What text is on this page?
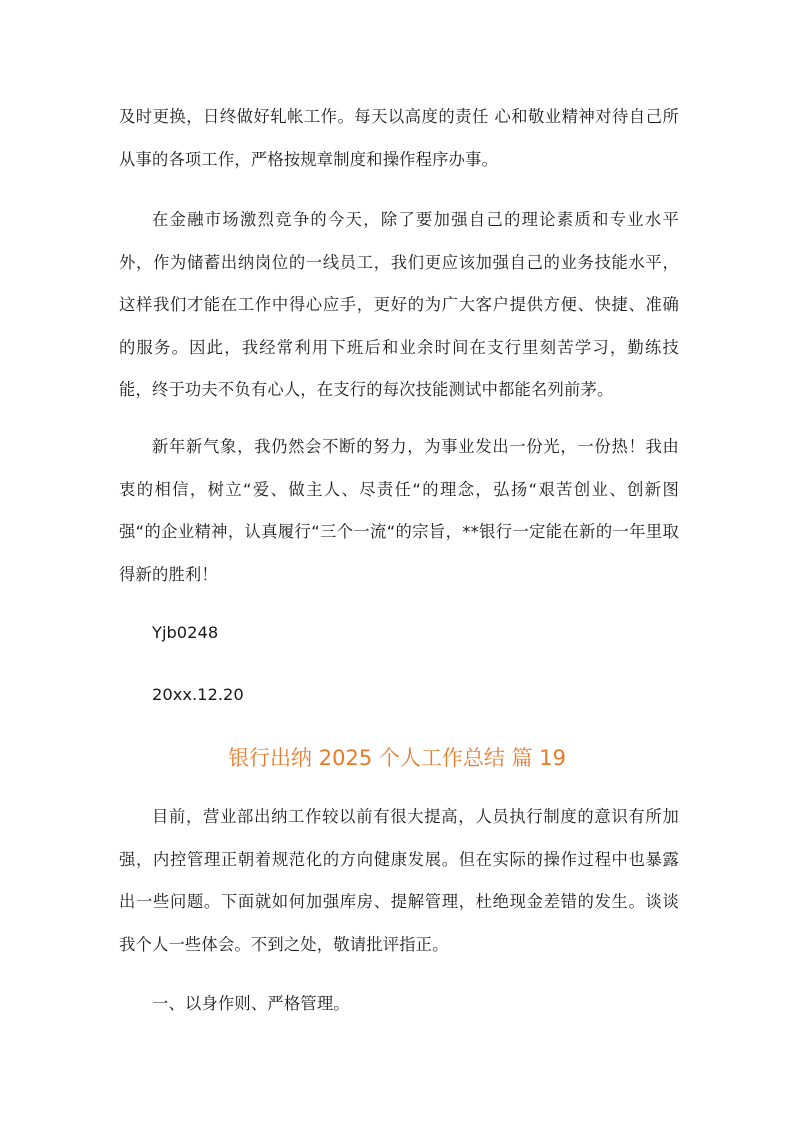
及时更换，日终做好轧帐工作。每天以高度的责任 心和敬业精神对待自己所从事的各项工作，严格按规章制度和操作程序办事。

在金融市场激烈竞争的今天，除了要加强自己的理论素质和专业水平外，作为储蓄出纳岗位的一线员工，我们更应该加强自己的业务技能水平，这样我们才能在工作中得心应手，更好的为广大客户提供方便、快捷、准确的服务。因此，我经常利用下班后和业余时间在支行里刻苦学习，勤练技能，终于功夫不负有心人，在支行的每次技能测试中都能名列前茅。

新年新气象，我仍然会不断的努力，为事业发出一份光，一份热！我由衷的相信，树立“爱、做主人、尽责任“的理念，弘扬“艰苦创业、创新图强“的企业精神，认真履行“三个一流“的宗旨，**银行一定能在新的一年里取得新的胜利！

Yjb0248

20xx.12.20

银行出纳 2025 个人工作总结 篇 19

目前，营业部出纳工作较以前有很大提高，人员执行制度的意识有所加强，内控管理正朝着规范化的方向健康发展。但在实际的操作过程中也暴露出一些问题。下面就如何加强库房、提解管理，杜绝现金差错的发生。谈谈我个人一些体会。不到之处，敬请批评指正。

一、以身作则、严格管理。
